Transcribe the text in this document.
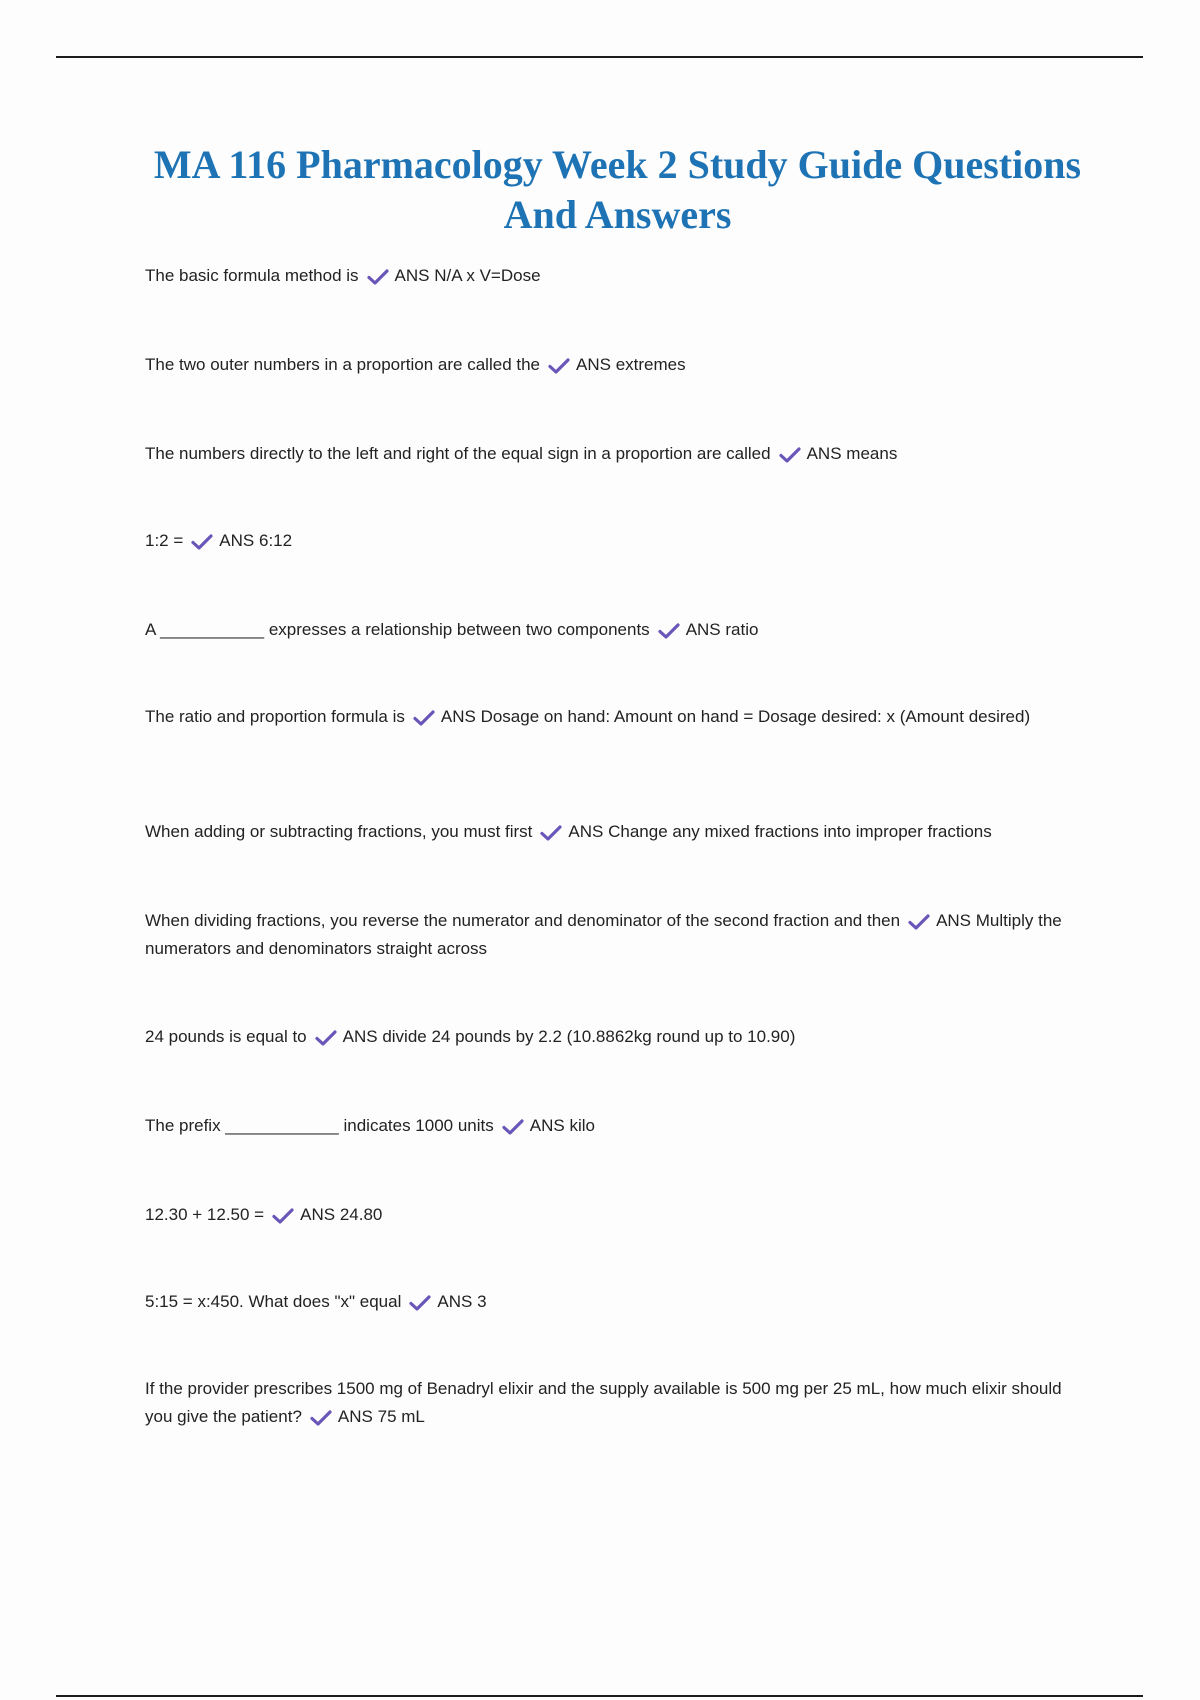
MA 116 Pharmacology Week 2 Study Guide Questions And Answers

The basic formula method is ANS N/A x V=Dose

The two outer numbers in a proportion are called the ANS extremes

The numbers directly to the left and right of the equal sign in a proportion are called ANS means

1:2 = ANS 6:12

A ___________ expresses a relationship between two components ANS ratio

The ratio and proportion formula is ANS Dosage on hand: Amount on hand = Dosage desired: x (Amount desired)

When adding or subtracting fractions, you must first ANS Change any mixed fractions into improper fractions

When dividing fractions, you reverse the numerator and denominator of the second fraction and then ANS Multiply the numerators and denominators straight across

24 pounds is equal to ANS divide 24 pounds by 2.2 (10.8862kg round up to 10.90)

The prefix ____________ indicates 1000 units ANS kilo

12.30 + 12.50 = ANS 24.80

5:15 = x:450. What does "x" equal ANS 3

If the provider prescribes 1500 mg of Benadryl elixir and the supply available is 500 mg per 25 mL, how much elixir should you give the patient? ANS 75 mL
